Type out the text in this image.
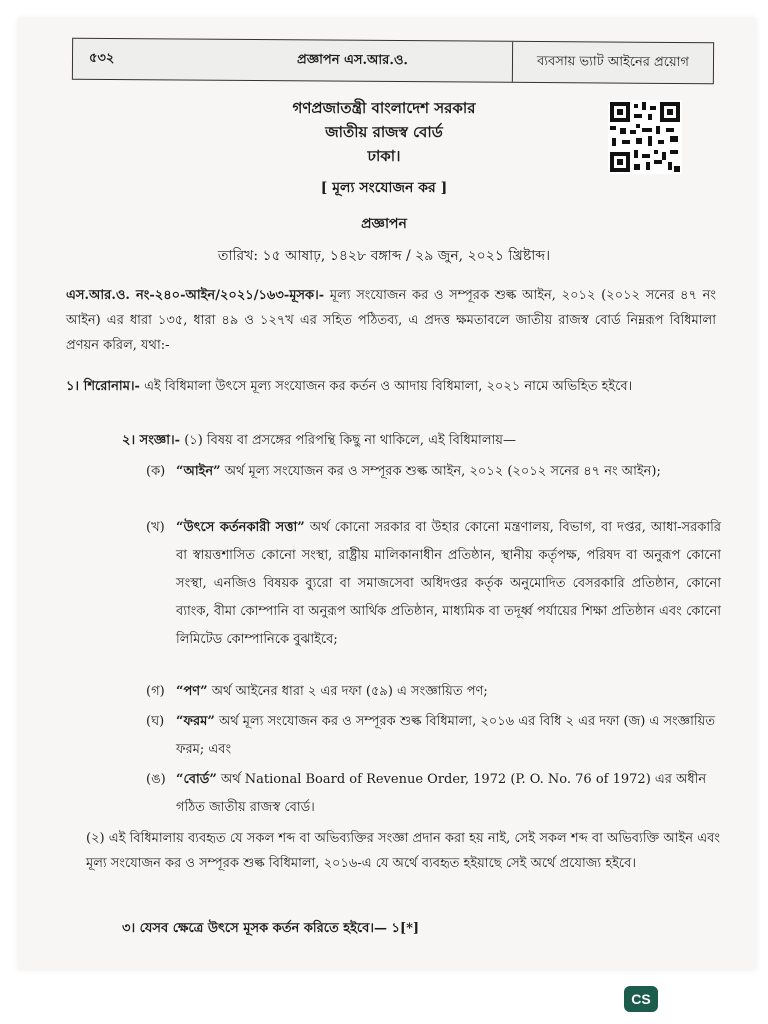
৫৩২	প্রজ্ঞাপন এস.আর.ও.	ব্যবসায় ভ্যাট আইনের প্রয়োগ
গণপ্রজাতন্ত্রী বাংলাদেশ সরকার
জাতীয় রাজস্ব বোর্ড
ঢাকা।
[ মূল্য সংযোজন কর ]
প্রজ্ঞাপন
তারিখ: ১৫ আষাঢ়, ১৪২৮ বঙ্গাব্দ / ২৯ জুন, ২০২১ খ্রিষ্টাব্দ।
এস.আর.ও. নং-২৪০-আইন/২০২১/১৬৩-মূসক।- মূল্য সংযোজন কর ও সম্পূরক শুল্ক আইন, ২০১২ (২০১২ সনের ৪৭ নং আইন) এর ধারা ১৩৫, ধারা ৪৯ ও ১২৭খ এর সহিত পঠিতব্য, এ প্রদত্ত ক্ষমতাবলে জাতীয় রাজস্ব বোর্ড নিম্নরূপ বিধিমালা প্রণয়ন করিল, যথা:-
১। শিরোনাম।- এই বিধিমালা উৎসে মূল্য সংযোজন কর কর্তন ও আদায় বিধিমালা, ২০২১ নামে অভিহিত হইবে।
২। সংজ্ঞা।- (১) বিষয় বা প্রসঙ্গের পরিপন্থি কিছু না থাকিলে, এই বিধিমালায়—
(ক) “আইন” অর্থ মূল্য সংযোজন কর ও সম্পূরক শুল্ক আইন, ২০১২ (২০১২ সনের ৪৭ নং আইন);
(খ) “উৎসে কর্তনকারী সত্তা” অর্থ কোনো সরকার বা উহার কোনো মন্ত্রণালয়, বিভাগ, বা দপ্তর, আধা-সরকারি বা স্বায়ত্তশাসিত কোনো সংস্থা, রাষ্ট্রীয় মালিকানাধীন প্রতিষ্ঠান, স্থানীয় কর্তৃপক্ষ, পরিষদ বা অনুরূপ কোনো সংস্থা, এনজিও বিষয়ক ব্যুরো বা সমাজসেবা অধিদপ্তর কর্তৃক অনুমোদিত বেসরকারি প্রতিষ্ঠান, কোনো ব্যাংক, বীমা কোম্পানি বা অনুরূপ আর্থিক প্রতিষ্ঠান, মাধ্যমিক বা তদূর্ধ্ব পর্যায়ের শিক্ষা প্রতিষ্ঠান এবং কোনো লিমিটেড কোম্পানিকে বুঝাইবে;
(গ) “পণ” অর্থ আইনের ধারা ২ এর দফা (৫৯) এ সংজ্ঞায়িত পণ;
(ঘ) “ফরম” অর্থ মূল্য সংযোজন কর ও সম্পূরক শুল্ক বিধিমালা, ২০১৬ এর বিধি ২ এর দফা (জ) এ সংজ্ঞায়িত ফরম; এবং
(ঙ) “বোর্ড” অর্থ National Board of Revenue Order, 1972 (P. O. No. 76 of 1972) এর অধীন গঠিত জাতীয় রাজস্ব বোর্ড।
(২) এই বিধিমালায় ব্যবহৃত যে সকল শব্দ বা অভিব্যক্তির সংজ্ঞা প্রদান করা হয় নাই, সেই সকল শব্দ বা অভিব্যক্তি আইন এবং মূল্য সংযোজন কর ও সম্পূরক শুল্ক বিধিমালা, ২০১৬-এ যে অর্থে ব্যবহৃত হইয়াছে সেই অর্থে প্রযোজ্য হইবে।
৩। যেসব ক্ষেত্রে উৎসে মূসক কর্তন করিতে হইবে।— ১[*]
CS
